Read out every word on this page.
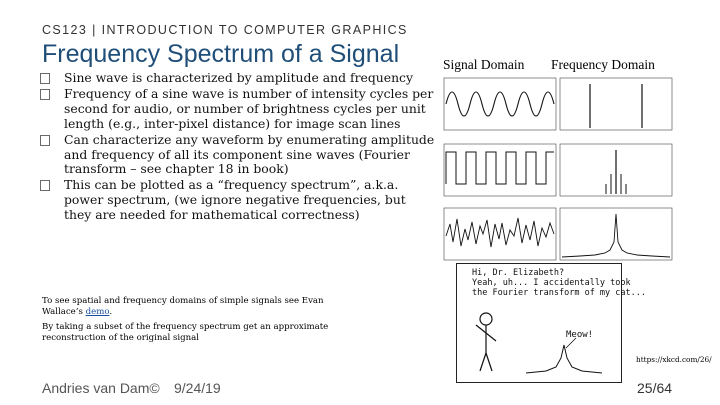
CS123 | INTRODUCTION TO COMPUTER GRAPHICS
Frequency Spectrum of a Signal
Sine wave is characterized by amplitude and frequency
Frequency of a sine wave is number of intensity cycles per second for audio, or number of brightness cycles per unit length (e.g., inter-pixel distance) for image scan lines
Can characterize any waveform by enumerating amplitude and frequency of all its component sine waves (Fourier transform – see chapter 18 in book)
This can be plotted as a “frequency spectrum”, a.k.a. power spectrum, (we ignore negative frequencies, but they are needed for mathematical correctness)
To see spatial and frequency domains of simple signals see Evan Wallace’s demo.
By taking a subset of the frequency spectrum get an approximate reconstruction of the original signal
Signal Domain Frequency Domain
Hi, Dr. Elizabeth?
Yeah, uh... I accidentally took
the Fourier transform of my cat...
Meow!
https://xkcd.com/26/
Andries van Dam© 9/24/19	25/64
